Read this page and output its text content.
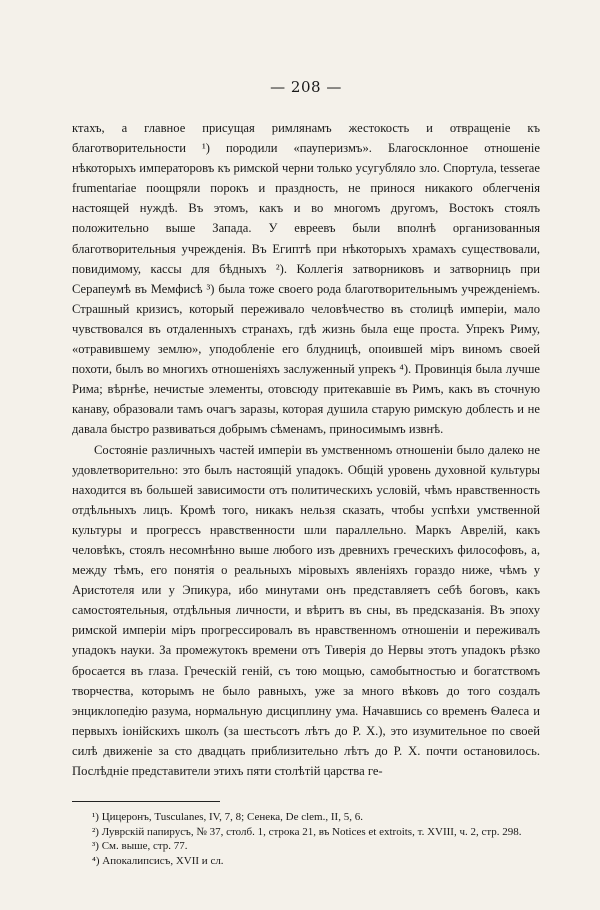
— 208 —

ктахъ, а главное присущая римлянамъ жестокость и отвращеніе къ благотворительности ¹) породили «пауперизмъ». Благосклонное отношеніе нѣкоторыхъ императоровъ къ римской черни только усугубляло зло. Спортула, tesserae frumentariae поощряли порокъ и праздность, не принося никакого облегченія настоящей нуждѣ. Въ этомъ, какъ и во многомъ другомъ, Востокъ стоялъ положительно выше Запада. У евреевъ были вполнѣ организованныя благотворительныя учрежденія. Въ Египтѣ при нѣкоторыхъ храмахъ существовали, повидимому, кассы для бѣдныхъ ²). Коллегія затворниковъ и затворницъ при Серапеумѣ въ Мемфисѣ ³) была тоже своего рода благотворительнымъ учрежденіемъ. Страшный кризисъ, который переживало человѣчество въ столицѣ имперіи, мало чувствовался въ отдаленныхъ странахъ, гдѣ жизнь была еще проста. Упрекъ Риму, «отравившему землю», уподобленіе его блудницѣ, опоившей міръ виномъ своей похоти, былъ во многихъ отношеніяхъ заслуженный упрекъ ⁴). Провинція была лучше Рима; вѣрнѣе, нечистые элементы, отовсюду притекавшіе въ Римъ, какъ въ сточную канаву, образовали тамъ очагъ заразы, которая душила старую римскую доблесть и не давала быстро развиваться добрымъ сѣменамъ, приносимымъ извнѣ.

Состояніе различныхъ частей имперіи въ умственномъ отношеніи было далеко не удовлетворительно: это былъ настоящій упадокъ. Общій уровень духовной культуры находится въ большей зависимости отъ политическихъ условій, чѣмъ нравственность отдѣльныхъ лицъ. Кромѣ того, никакъ нельзя сказать, чтобы успѣхи умственной культуры и прогрессъ нравственности шли параллельно. Маркъ Аврелій, какъ человѣкъ, стоялъ несомнѣнно выше любого изъ древнихъ греческихъ философовъ, а, между тѣмъ, его понятія о реальныхъ міровыхъ явленіяхъ гораздо ниже, чѣмъ у Аристотеля или у Эпикура, ибо минутами онъ представляетъ себѣ боговъ, какъ самостоятельныя, отдѣльныя личности, и вѣритъ въ сны, въ предсказанія. Въ эпоху римской имперіи міръ прогрессировалъ въ нравственномъ отношеніи и переживалъ упадокъ науки. За промежутокъ времени отъ Тиверія до Нервы этотъ упадокъ рѣзко бросается въ глаза. Греческій геній, съ тою мощью, самобытностью и богатствомъ творчества, которымъ не было равныхъ, уже за много вѣковъ до того создалъ энциклопедію разума, нормальную дисциплину ума. Начавшись со временъ Ѳалеса и первыхъ іонійскихъ школъ (за шестьсотъ лѣтъ до Р. Х.), это изумительное по своей силѣ движеніе за сто двадцать приблизительно лѣтъ до Р. Х. почти остановилось. Послѣдніе представители этихъ пяти столѣтій царства ге-

¹) Цицеронъ, Tusculanes, IV, 7, 8; Сенека, De clem., II, 5, 6.

²) Луврскій папирусъ, № 37, столб. 1, строка 21, въ Notices et extroits, т. XVIII, ч. 2, стр. 298.

³) См. выше, стр. 77.

⁴) Апокалипсисъ, XVII и сл.
